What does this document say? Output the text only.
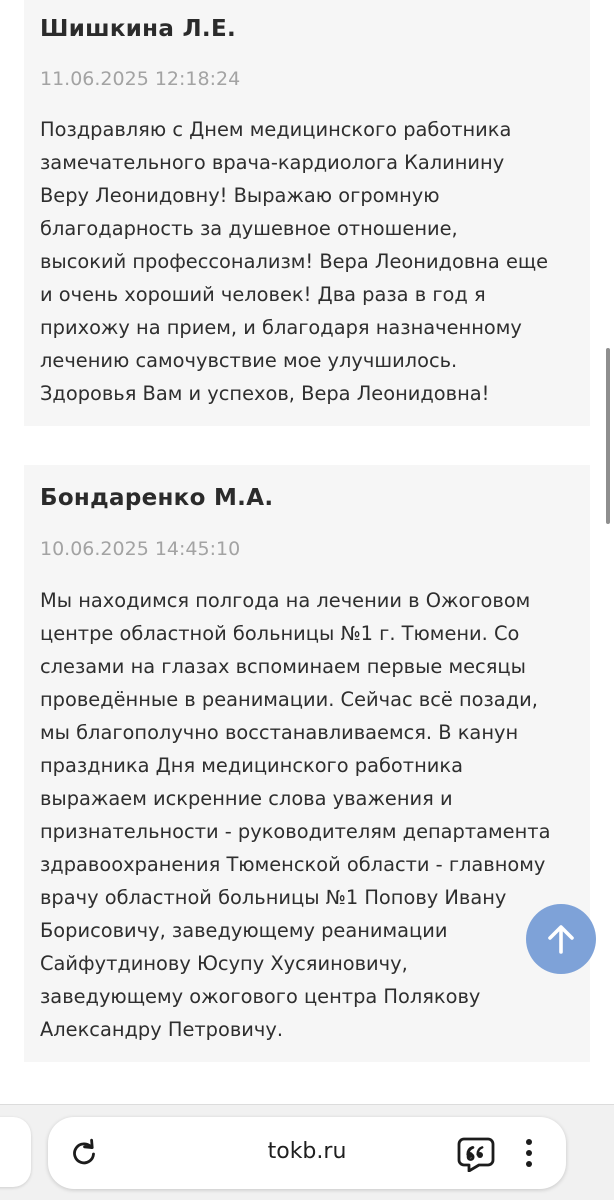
Шишкина Л.Е.
11.06.2025 12:18:24

Поздравляю с Днем медицинского работника
замечательного врача-кардиолога Калинину
Веру Леонидовну! Выражаю огромную
благодарность за душевное отношение,
высокий профессонализм! Вера Леонидовна еще
и очень хороший человек! Два раза в год я
прихожу на прием, и благодаря назначенному
лечению самочувствие мое улучшилось.
Здоровья Вам и успехов, Вера Леонидовна!

Бондаренко М.А.
10.06.2025 14:45:10

Мы находимся полгода на лечении в Ожоговом
центре областной больницы №1 г. Тюмени. Со
слезами на глазах вспоминаем первые месяцы
проведённые в реанимации. Сейчас всё позади,
мы благополучно восстанавливаемся. В канун
праздника Дня медицинского работника
выражаем искренние слова уважения и
признательности - руководителям департамента
здравоохранения Тюменской области - главному
врачу областной больницы №1 Попову Ивану
Борисовичу, заведующему реанимации
Сайфутдинову Юсупу Хусяиновичу,
заведующему ожогового центра Полякову
Александру Петровичу.

tokb.ru
